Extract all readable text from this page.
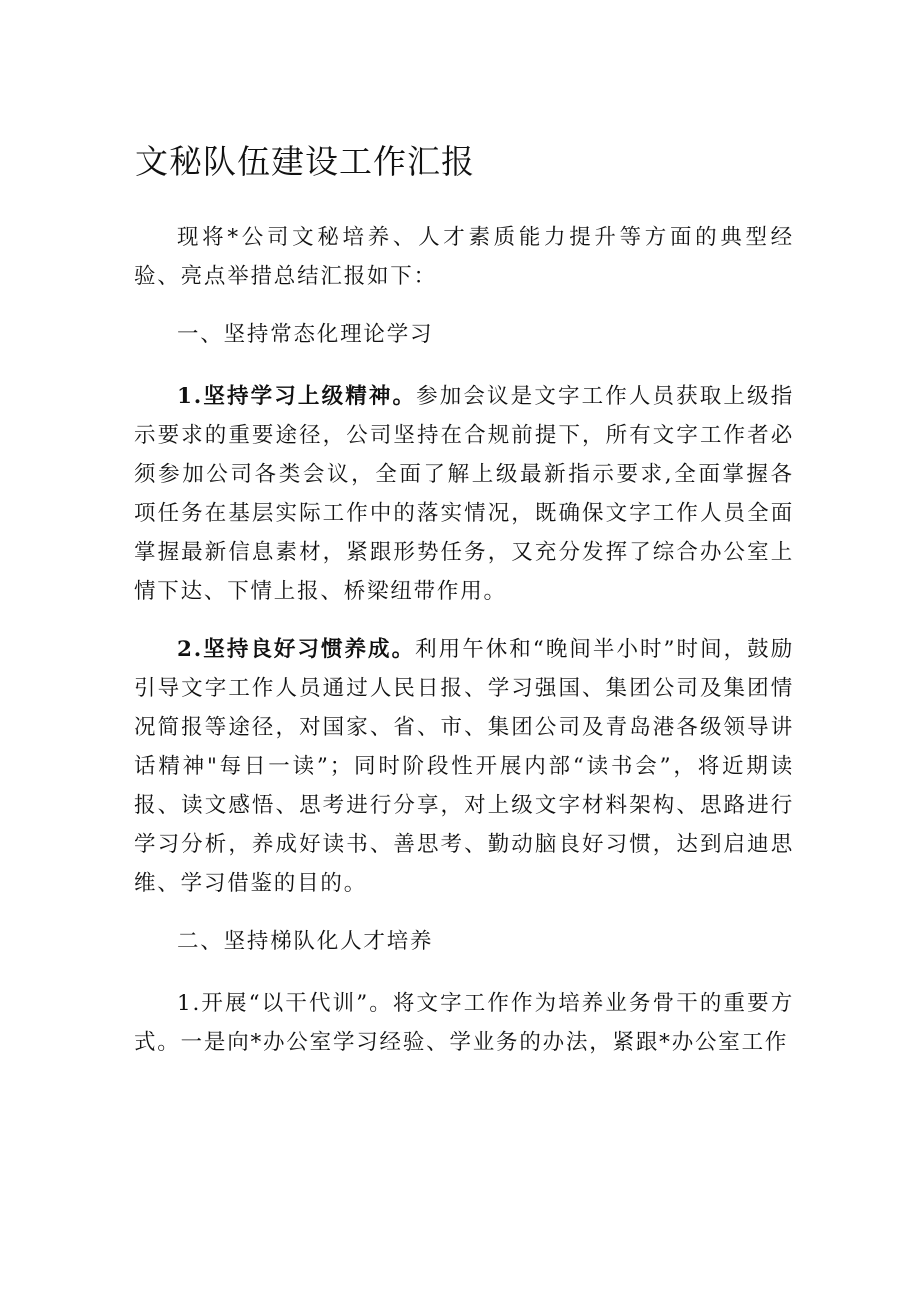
文秘队伍建设工作汇报

现将*公司文秘培养、人才素质能力提升等方面的典型经验、亮点举措总结汇报如下：

一、坚持常态化理论学习

1.坚持学习上级精神。参加会议是文字工作人员获取上级指示要求的重要途径，公司坚持在合规前提下，所有文字工作者必须参加公司各类会议，全面了解上级最新指示要求,全面掌握各项任务在基层实际工作中的落实情况，既确保文字工作人员全面掌握最新信息素材，紧跟形势任务，又充分发挥了综合办公室上情下达、下情上报、桥梁纽带作用。

2.坚持良好习惯养成。利用午休和“晚间半小时”时间，鼓励引导文字工作人员通过人民日报、学习强国、集团公司及集团情况简报等途径，对国家、省、市、集团公司及青岛港各级领导讲话精神"每日一读”；同时阶段性开展内部“读书会”，将近期读报、读文感悟、思考进行分享，对上级文字材料架构、思路进行学习分析，养成好读书、善思考、勤动脑良好习惯，达到启迪思维、学习借鉴的目的。

二、坚持梯队化人才培养

1.开展“以干代训”。将文字工作作为培养业务骨干的重要方式。一是向*办公室学习经验、学业务的办法，紧跟*办公室工作
